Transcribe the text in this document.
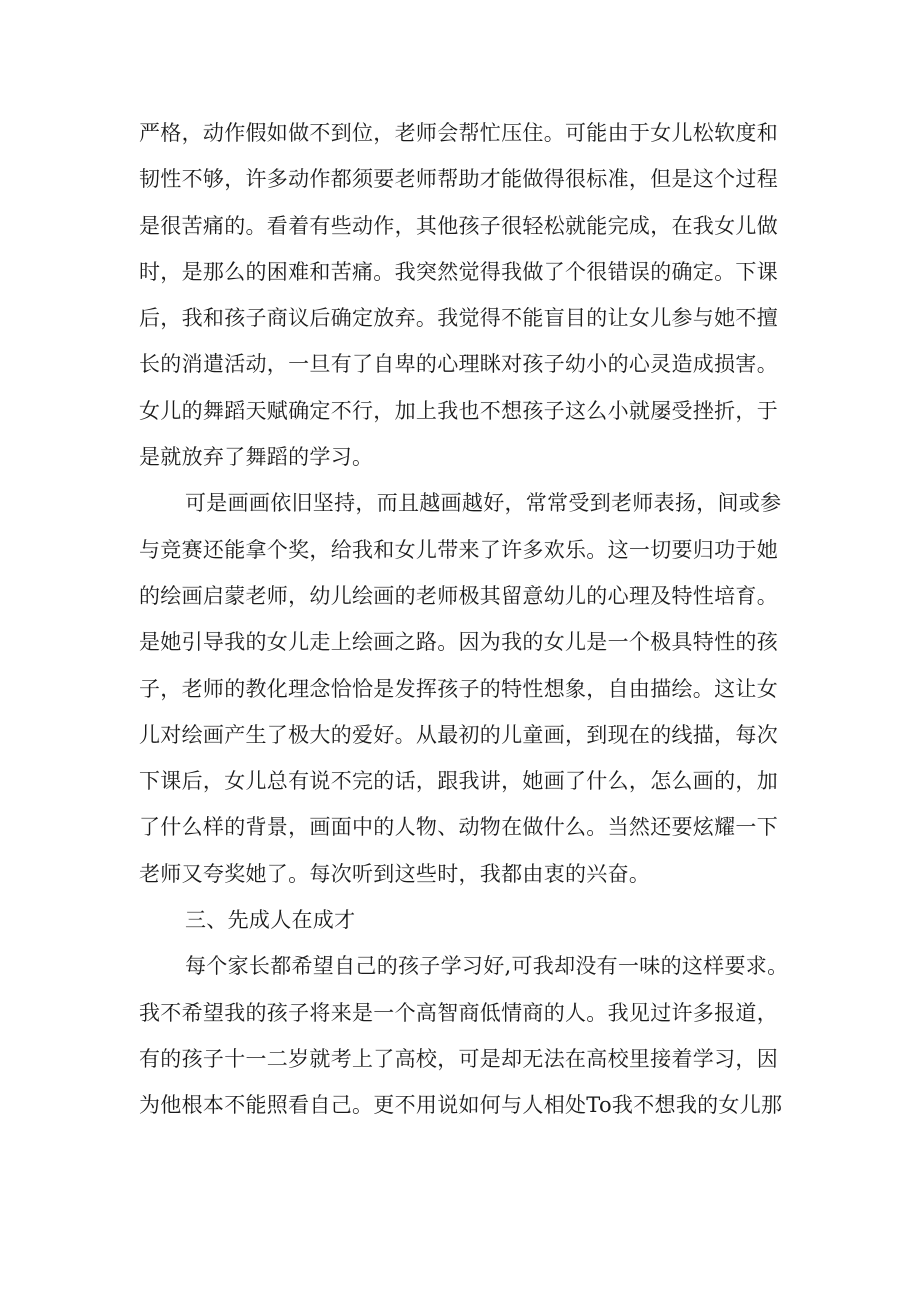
严格，动作假如做不到位，老师会帮忙压住。可能由于女儿松软度和
韧性不够，许多动作都须要老师帮助才能做得很标准，但是这个过程
是很苦痛的。看着有些动作，其他孩子很轻松就能完成，在我女儿做
时，是那么的困难和苦痛。我突然觉得我做了个很错误的确定。下课
后，我和孩子商议后确定放弃。我觉得不能盲目的让女儿参与她不擅
长的消遣活动，一旦有了自卑的心理眯对孩子幼小的心灵造成损害。
女儿的舞蹈天赋确定不行，加上我也不想孩子这么小就屡受挫折，于
是就放弃了舞蹈的学习。
可是画画依旧坚持，而且越画越好，常常受到老师表扬，间或参
与竞赛还能拿个奖，给我和女儿带来了许多欢乐。这一切要归功于她
的绘画启蒙老师，幼儿绘画的老师极其留意幼儿的心理及特性培育。
是她引导我的女儿走上绘画之路。因为我的女儿是一个极具特性的孩
子，老师的教化理念恰恰是发挥孩子的特性想象，自由描绘。这让女
儿对绘画产生了极大的爱好。从最初的儿童画，到现在的线描，每次
下课后，女儿总有说不完的话，跟我讲，她画了什么，怎么画的，加
了什么样的背景，画面中的人物、动物在做什么。当然还要炫耀一下
老师又夸奖她了。每次听到这些时，我都由衷的兴奋。
三、先成人在成才
每个家长都希望自己的孩子学习好,可我却没有一味的这样要求。
我不希望我的孩子将来是一个高智商低情商的人。我见过许多报道，
有的孩子十一二岁就考上了高校，可是却无法在高校里接着学习，因
为他根本不能照看自己。更不用说如何与人相处To我不想我的女儿那
